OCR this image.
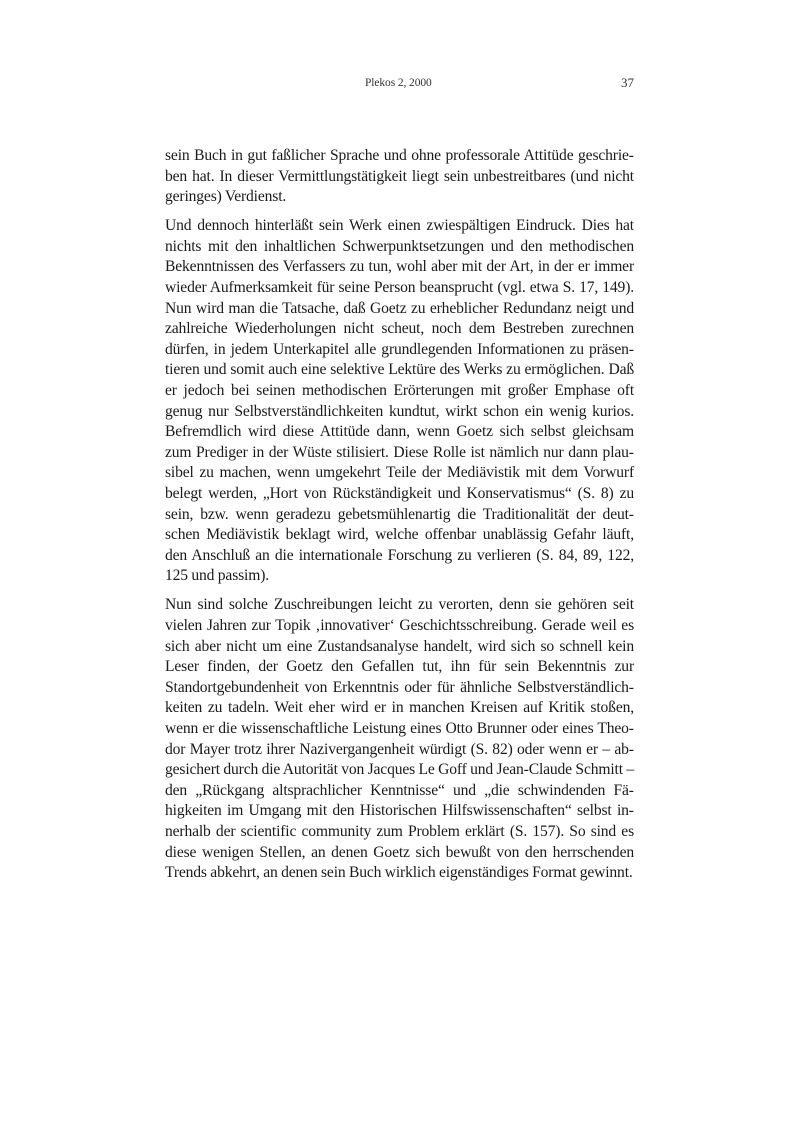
Plekos 2, 2000	37

sein Buch in gut faßlicher Sprache und ohne professorale Attitüde geschrieben hat. In dieser Vermittlungstätigkeit liegt sein unbestreitbares (und nicht geringes) Verdienst.

Und dennoch hinterläßt sein Werk einen zwiespältigen Eindruck. Dies hat nichts mit den inhaltlichen Schwerpunktsetzungen und den methodischen Bekenntnissen des Verfassers zu tun, wohl aber mit der Art, in der er immer wieder Aufmerksamkeit für seine Person beansprucht (vgl. etwa S. 17, 149). Nun wird man die Tatsache, daß Goetz zu erheblicher Redundanz neigt und zahlreiche Wiederholungen nicht scheut, noch dem Bestreben zurechnen dürfen, in jedem Unterkapitel alle grundlegenden Informationen zu präsentieren und somit auch eine selektive Lektüre des Werks zu ermöglichen. Daß er jedoch bei seinen methodischen Erörterungen mit großer Emphase oft genug nur Selbstverständlichkeiten kundtut, wirkt schon ein wenig kurios. Befremdlich wird diese Attitüde dann, wenn Goetz sich selbst gleichsam zum Prediger in der Wüste stilisiert. Diese Rolle ist nämlich nur dann plausibel zu machen, wenn umgekehrt Teile der Mediävistik mit dem Vorwurf belegt werden, „Hort von Rückständigkeit und Konservatismus“ (S. 8) zu sein, bzw. wenn geradezu gebetsmühlenartig die Traditionalität der deutschen Mediävistik beklagt wird, welche offenbar unablässig Gefahr läuft, den Anschluß an die internationale Forschung zu verlieren (S. 84, 89, 122, 125 und passim).

Nun sind solche Zuschreibungen leicht zu verorten, denn sie gehören seit vielen Jahren zur Topik ‚innovativer‘ Geschichtsschreibung. Gerade weil es sich aber nicht um eine Zustandsanalyse handelt, wird sich so schnell kein Leser finden, der Goetz den Gefallen tut, ihn für sein Bekenntnis zur Standortgebundenheit von Erkenntnis oder für ähnliche Selbstverständlichkeiten zu tadeln. Weit eher wird er in manchen Kreisen auf Kritik stoßen, wenn er die wissenschaftliche Leistung eines Otto Brunner oder eines Theodor Mayer trotz ihrer Nazivergangenheit würdigt (S. 82) oder wenn er – abgesichert durch die Autorität von Jacques Le Goff und Jean-Claude Schmitt – den „Rückgang altsprachlicher Kenntnisse“ und „die schwindenden Fähigkeiten im Umgang mit den Historischen Hilfswissenschaften“ selbst innerhalb der scientific community zum Problem erklärt (S. 157). So sind es diese wenigen Stellen, an denen Goetz sich bewußt von den herrschenden Trends abkehrt, an denen sein Buch wirklich eigenständiges Format gewinnt.
